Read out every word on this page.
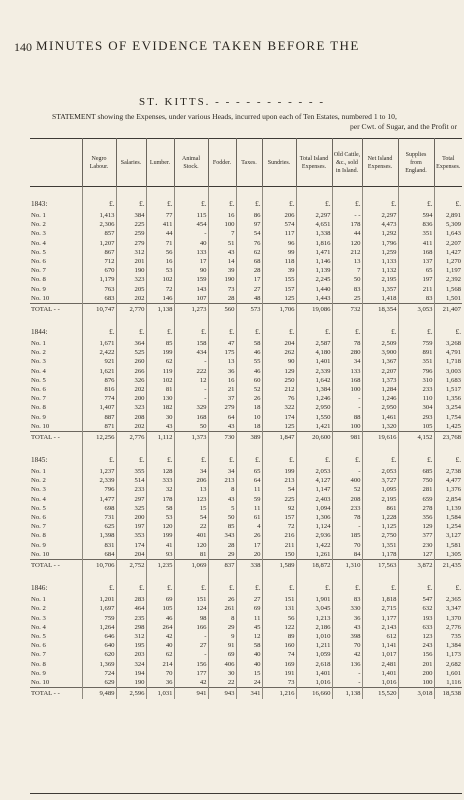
140 MINUTES OF EVIDENCE TAKEN BEFORE THE
ST. KITTS. - - - - - - - - - - -
STATEMENT showing the Expenses, under various Heads, incurred upon each of Ten Estates, numbered 1 to 10,
per Cwt. of Sugar, and the Profit or
	Negro Labour.	Salaries.	Lumber.	Animal Stock.	Fodder.	Taxes.	Sundries.	Total Island Expenses.	Old Cattle, &c., sold in Island.	Net Island Expenses.	Supplies from England.	Total Expenses.

1843:	£.	£.	£.	£.	£.	£.	£.	£.	£.	£.	£.	£.
No. 1	1,413	384	77	115	16	86	206	2,297	- -	2,297	594	2,891
No. 2	2,306	225	411	454	100	97	574	4,651	178	4,473	836	5,309
No. 3	857	259	44	-	7	54	117	1,338	44	1,292	351	1,643
No. 4	1,207	279	71	40	51	76	96	1,816	120	1,796	411	2,207
No. 5	867	312	56	133	43	62	99	1,471	212	1,259	168	1,427
No. 6	712	201	16	17	14	68	118	1,146	13	1,133	137	1,270
No. 7	670	190	53	90	39	28	39	1,139	7	1,132	65	1,197
No. 8	1,179	323	102	159	190	17	155	2,245	50	2,195	197	2,392
No. 9	763	205	72	143	73	27	157	1,440	83	1,357	211	1,568
No. 10	683	202	146	107	28	48	125	1,443	25	1,418	83	1,501
TOTAL - -	10,747	2,770	1,138	1,273	560	573	1,706	19,086	732	18,354	3,053	21,407

1844:	£.	£.	£.	£.	£.	£.	£.	£.	£.	£.	£.	£.
No. 1	1,671	364	85	158	47	58	204	2,587	78	2,509	759	3,268
No. 2	2,422	525	199	434	175	46	262	4,180	280	3,900	891	4,791
No. 3	921	260	62	-	13	55	90	1,401	34	1,367	351	1,718
No. 4	1,621	266	119	222	36	46	129	2,339	133	2,207	796	3,003
No. 5	876	326	102	12	16	60	250	1,642	168	1,373	310	1,683
No. 6	816	202	81	-	21	52	212	1,384	100	1,284	233	1,517
No. 7	774	200	130	-	37	26	76	1,246	-	1,246	110	1,356
No. 8	1,407	323	182	329	279	18	322	2,950	-	2,950	304	3,254
No. 9	887	208	30	168	64	10	174	1,550	88	1,461	293	1,754
No. 10	871	202	43	50	43	18	125	1,421	100	1,320	105	1,425
TOTAL - -	12,256	2,776	1,112	1,373	730	389	1,847	20,600	981	19,616	4,152	23,768

1845:	£.	£.	£.	£.	£.	£.	£.	£.	£.	£.	£.	£.
No. 1	1,237	355	128	34	34	65	199	2,053	-	2,053	685	2,738
No. 2	2,339	514	333	206	213	64	213	4,127	400	3,727	750	4,477
No. 3	796	233	32	13	8	11	54	1,147	52	1,095	281	1,376
No. 4	1,477	297	178	123	43	59	225	2,403	208	2,195	659	2,854
No. 5	698	325	58	15	5	11	92	1,094	233	861	278	1,139
No. 6	731	200	53	54	50	61	157	1,306	78	1,228	356	1,584
No. 7	625	197	120	22	85	4	72	1,124	-	1,125	129	1,254
No. 8	1,398	353	199	401	343	26	216	2,936	185	2,750	377	3,127
No. 9	831	174	41	120	28	17	211	1,422	70	1,351	230	1,581
No. 10	684	204	93	81	29	20	150	1,261	84	1,178	127	1,305
TOTAL - -	10,706	2,752	1,235	1,069	837	338	1,589	18,872	1,310	17,563	3,872	21,435

1846:	£.	£.	£.	£.	£.	£.	£.	£.	£.	£.	£.	£.
No. 1	1,201	283	69	151	26	27	151	1,901	83	1,818	547	2,365
No. 2	1,697	464	105	124	261	69	131	3,045	330	2,715	632	3,347
No. 3	759	235	46	98	8	11	56	1,213	36	1,177	193	1,370
No. 4	1,264	298	264	166	29	45	122	2,186	43	2,143	633	2,776
No. 5	646	312	42	-	9	12	89	1,010	398	612	123	735
No. 6	640	195	40	27	91	58	160	1,211	70	1,141	243	1,384
No. 7	620	203	62	-	69	40	74	1,059	42	1,017	156	1,173
No. 8	1,369	324	214	156	406	40	169	2,618	136	2,481	201	2,682
No. 9	724	194	70	177	30	15	191	1,401	-	1,401	200	1,601
No. 10	629	190	36	42	22	24	73	1,016	-	1,016	100	1,116
TOTAL - -	9,489	2,596	1,031	941	943	341	1,216	16,660	1,138	15,520	3,018	18,538
